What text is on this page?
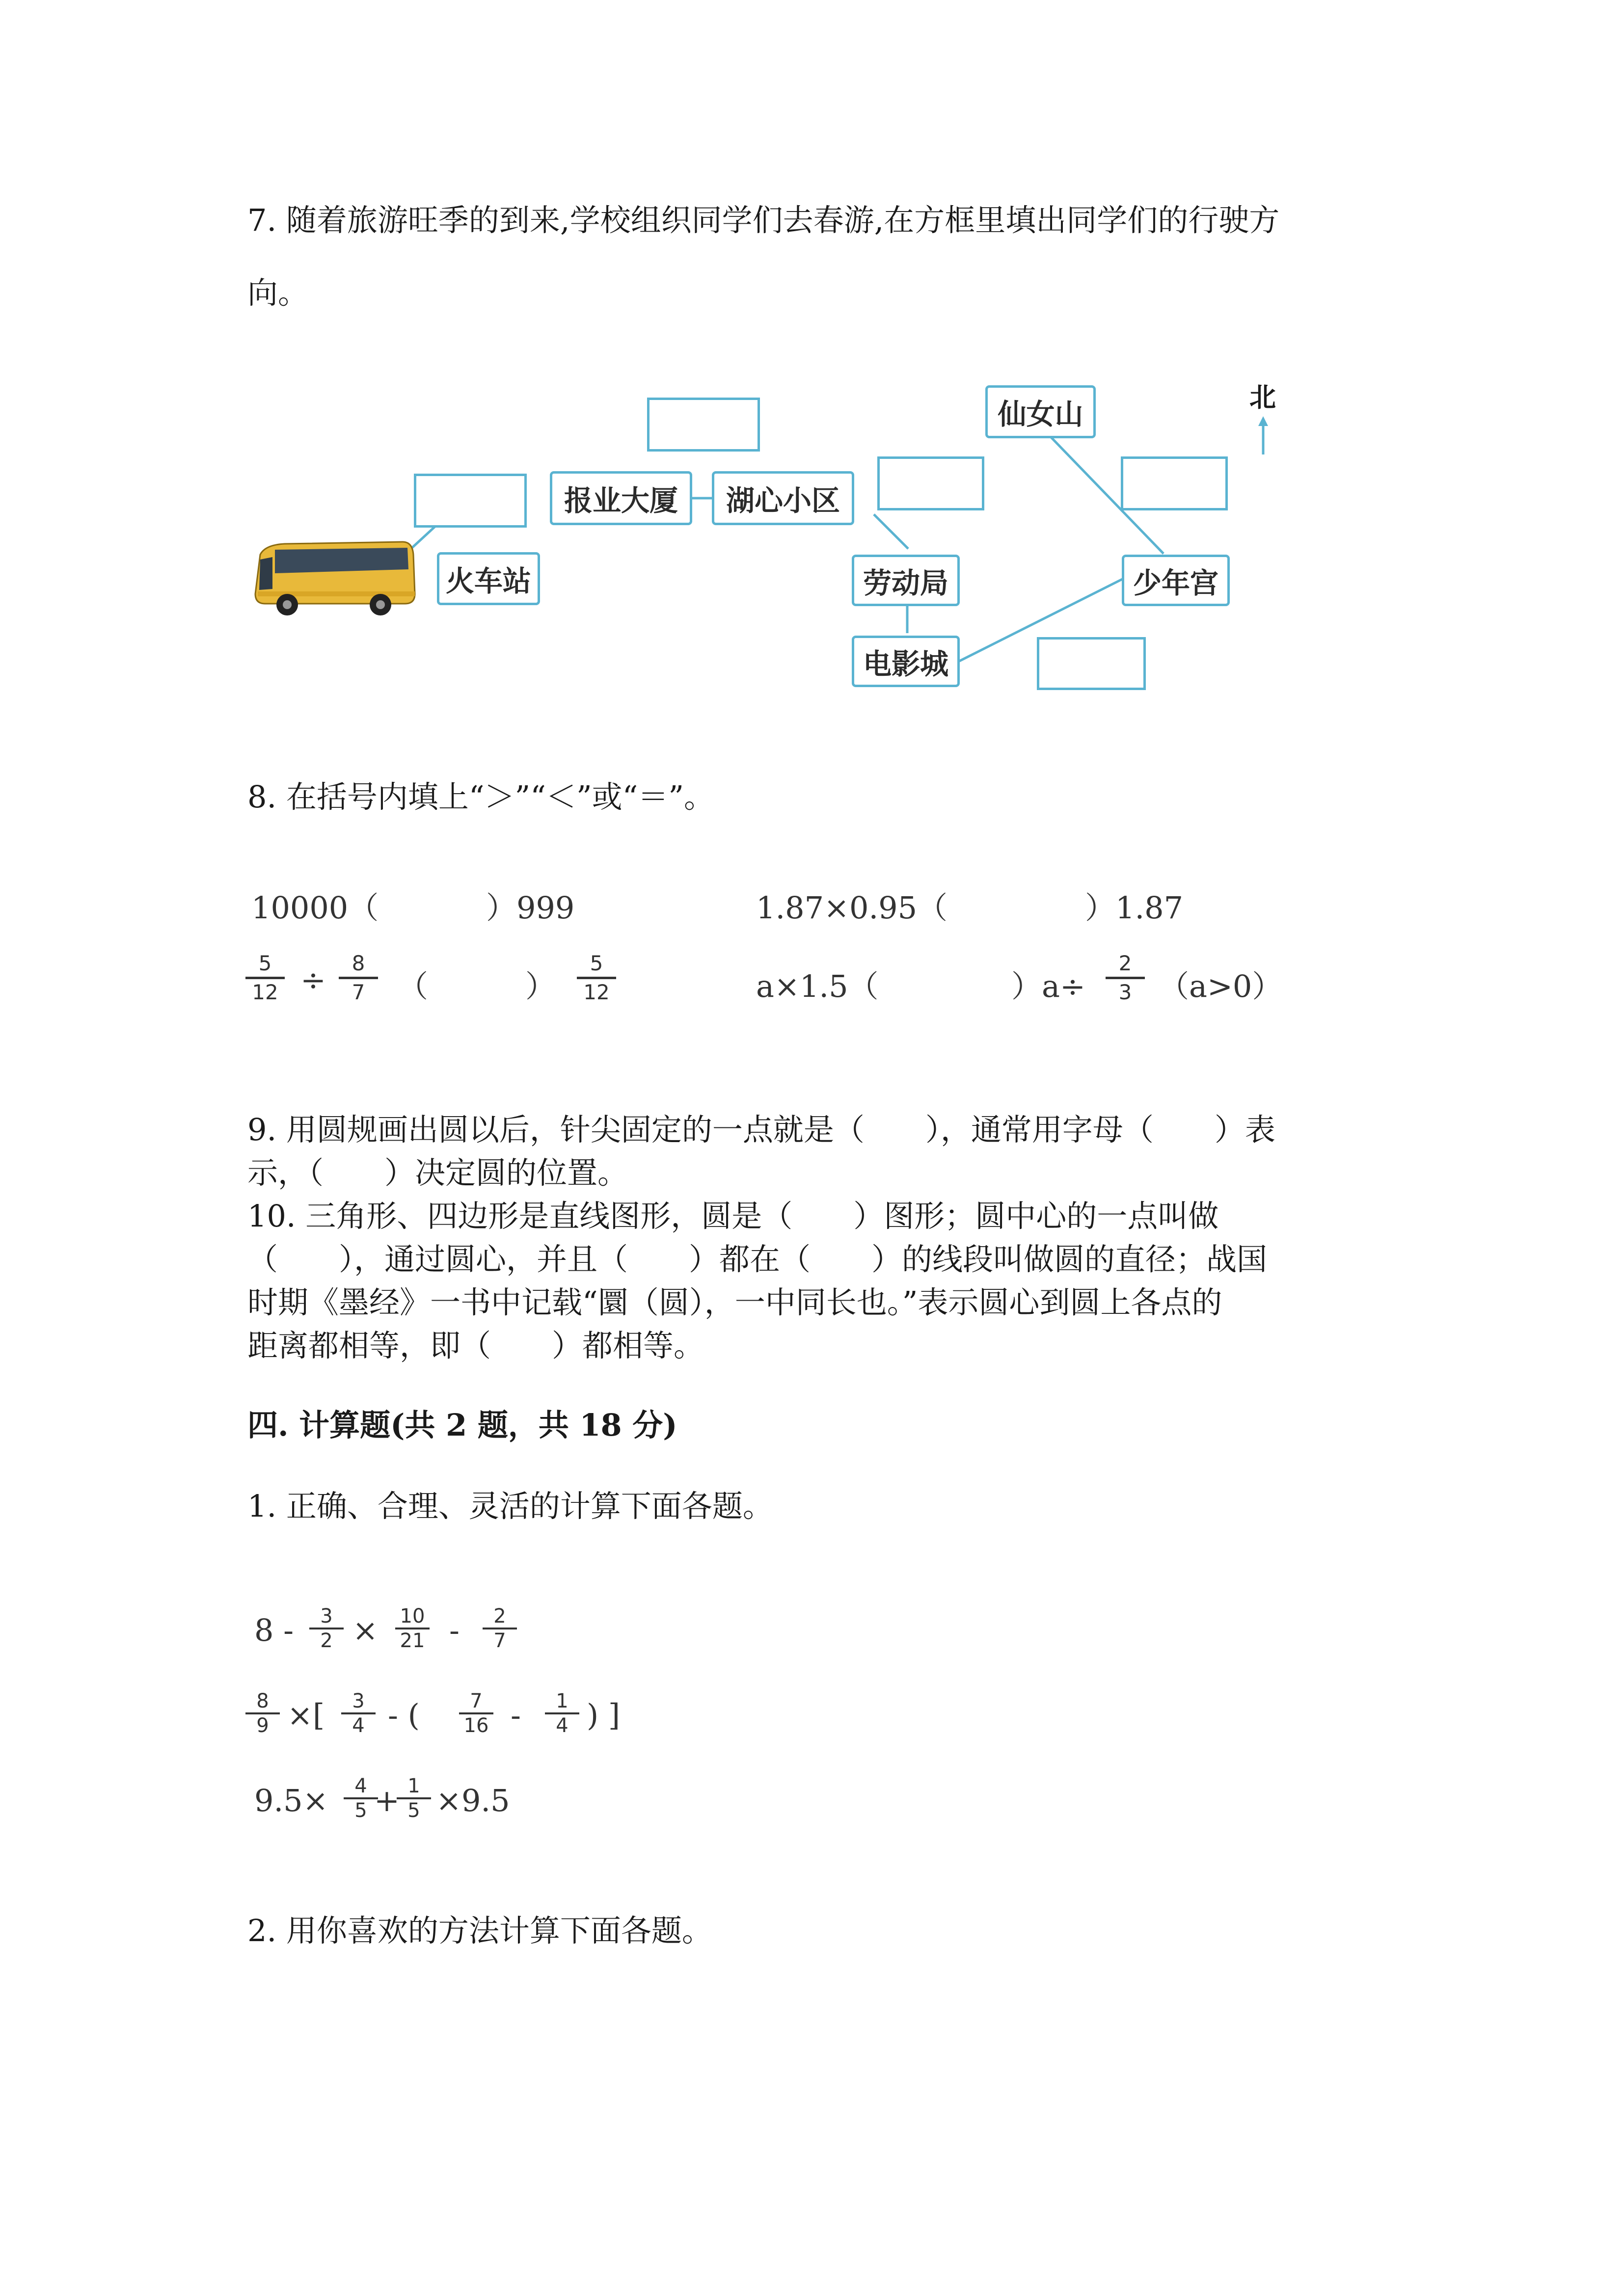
7. 随着旅游旺季的到来,学校组织同学们去春游,在方框里填出同学们的行驶方
向。
火车站
报业大厦	湖心小区
劳动局
电影城
少年宫
仙女山
北
8. 在括号内填上“＞”“＜”或“＝”。
10000（	）999	1.87×0.95（	）1.87
$\frac{5}{12} \div \frac{8}{7}$ （	） $\frac{5}{12}$	a×1.5（	）$a\div \frac{2}{3} (a>0)$
9. 用圆规画出圆以后，针尖固定的一点就是（　　），通常用字母（　　）表
示，（　　）决定圆的位置。
10. 三角形、四边形是直线图形，圆是（　　）图形；圆中心的一点叫做
（　　），通过圆心，并且（　　）都在（　　）的线段叫做圆的直径；战国
时期《墨经》一书中记载“圜（圆），一中同长也。”表示圆心到圆上各点的
距离都相等，即（　　）都相等。
四. 计算题(共 2 题，共 18 分)
1. 正确、合理、灵活的计算下面各题。
$8 - \frac{3}{2} \times \frac{10}{21} - \frac{2}{7}$
$\frac{8}{9}$ ×[ $\frac{3}{4}$ - ( $\frac{7}{16} - \frac{1}{4}$ ) ]
$9.5\times \frac{4}{5}$
+
$\frac{1}{5} \times 9.5$
2. 用你喜欢的方法计算下面各题。
